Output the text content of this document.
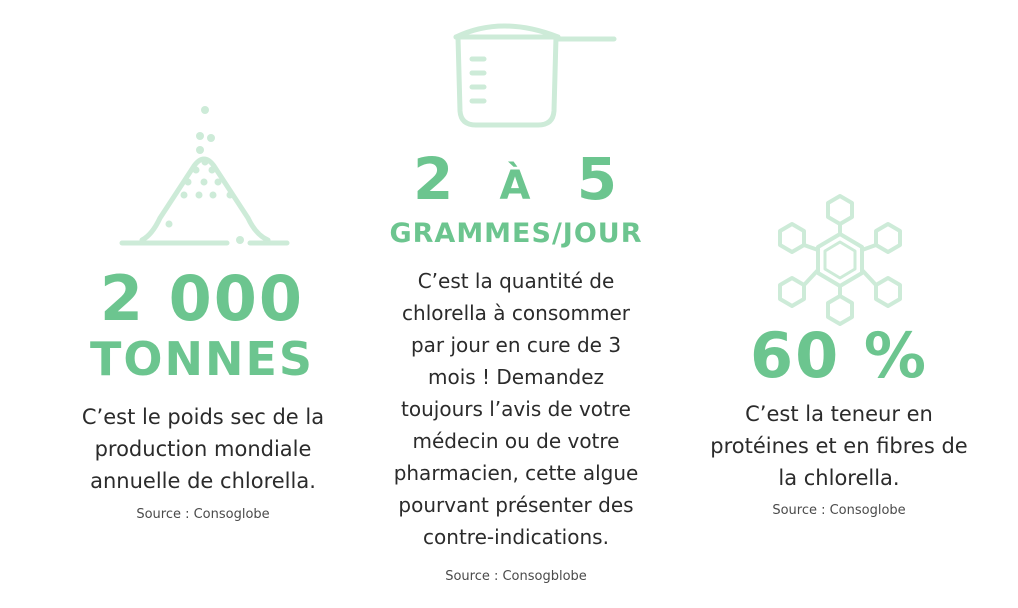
2 000
TONNES
C’est le poids sec de la production mondiale annuelle de chlorella.
Source : Consoglobe
2 À 5
GRAMMES/JOUR
C’est la quantité de chlorella à consommer par jour en cure de 3 mois ! Demandez toujours l’avis de votre médecin ou de votre pharmacien, cette algue pourvant présenter des contre-indications.
Source : Consogblobe
60 %
C’est la teneur en protéines et en fibres de la chlorella.
Source : Consoglobe
